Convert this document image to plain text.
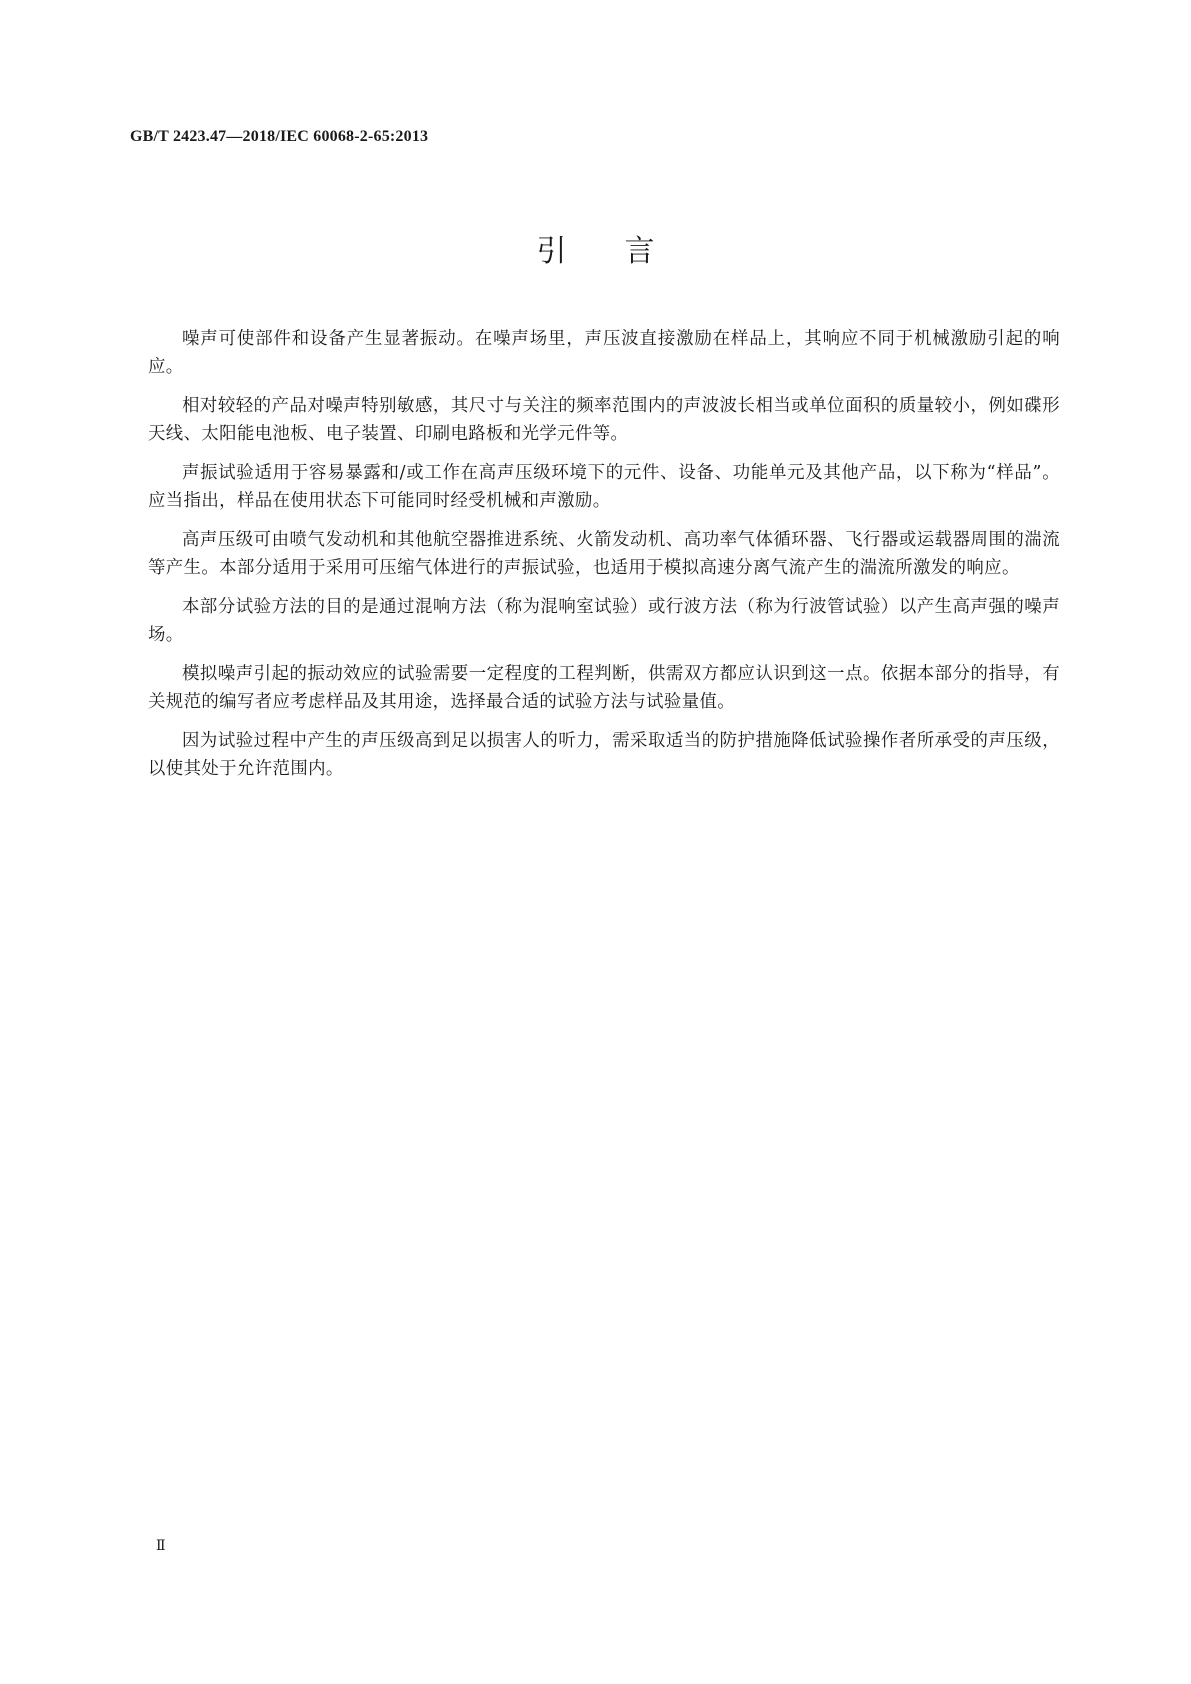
GB/T 2423.47—2018/IEC 60068-2-65:2013
引 言

噪声可使部件和设备产生显著振动。在噪声场里，声压波直接激励在样品上，其响应不同于机械激励引起的响应。

相对较轻的产品对噪声特别敏感，其尺寸与关注的频率范围内的声波波长相当或单位面积的质量较小，例如碟形天线、太阳能电池板、电子装置、印刷电路板和光学元件等。

声振试验适用于容易暴露和/或工作在高声压级环境下的元件、设备、功能单元及其他产品，以下称为“样品”。应当指出，样品在使用状态下可能同时经受机械和声激励。

高声压级可由喷气发动机和其他航空器推进系统、火箭发动机、高功率气体循环器、飞行器或运载器周围的湍流等产生。本部分适用于采用可压缩气体进行的声振试验，也适用于模拟高速分离气流产生的湍流所激发的响应。

本部分试验方法的目的是通过混响方法（称为混响室试验）或行波方法（称为行波管试验）以产生高声强的噪声场。

模拟噪声引起的振动效应的试验需要一定程度的工程判断，供需双方都应认识到这一点。依据本部分的指导，有关规范的编写者应考虑样品及其用途，选择最合适的试验方法与试验量值。

因为试验过程中产生的声压级高到足以损害人的听力，需采取适当的防护措施降低试验操作者所承受的声压级，以使其处于允许范围内。

Ⅱ
